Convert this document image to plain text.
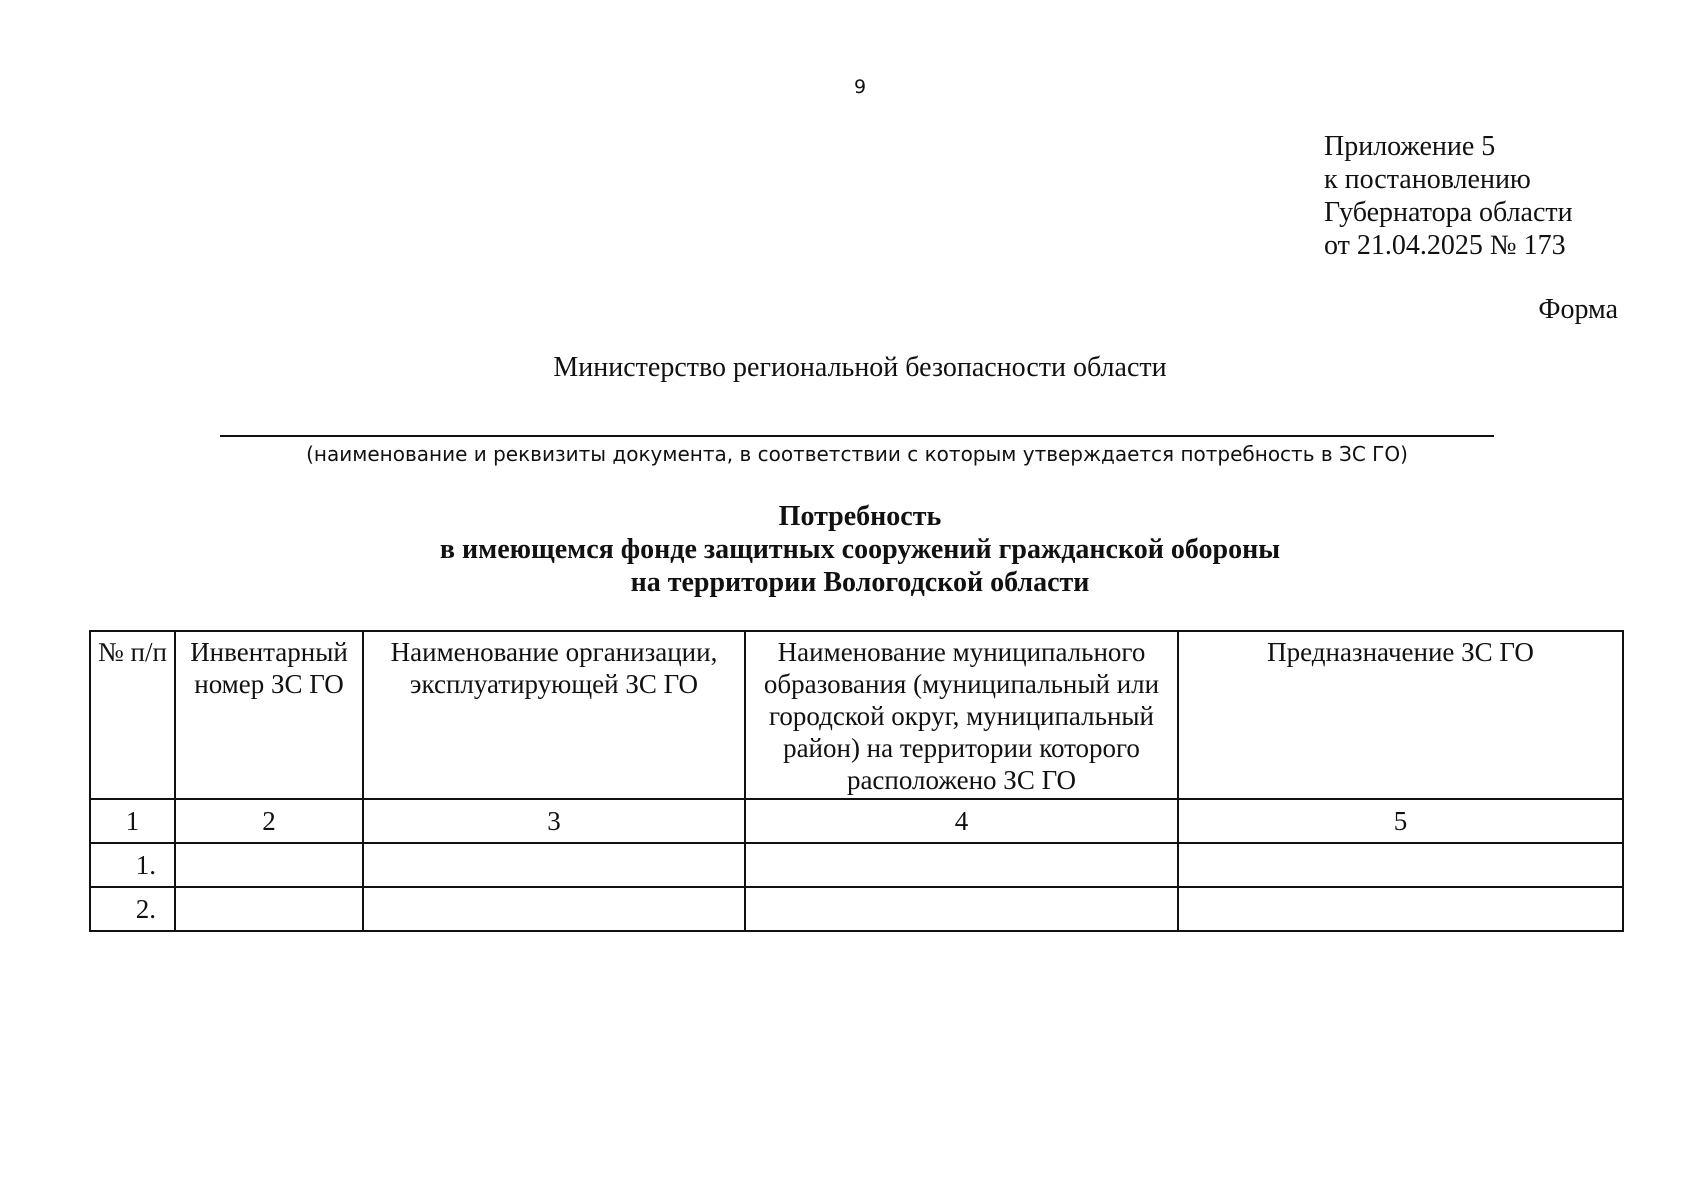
9
Приложение 5
к постановлению
Губернатора области
от 21.04.2025 № 173
Форма
Министерство региональной безопасности области
(наименование и реквизиты документа, в соответствии с которым утверждается потребность в ЗС ГО)
Потребность
в имеющемся фонде защитных сооружений гражданской обороны
на территории Вологодской области
№ п/п	Инвентарный номер ЗС ГО	Наименование организации, эксплуатирующей ЗС ГО	Наименование муниципального образования (муниципальный или городской округ, муниципальный район) на территории которого расположено ЗС ГО	Предназначение ЗС ГО
1	2	3	4	5
1.				
2.				
